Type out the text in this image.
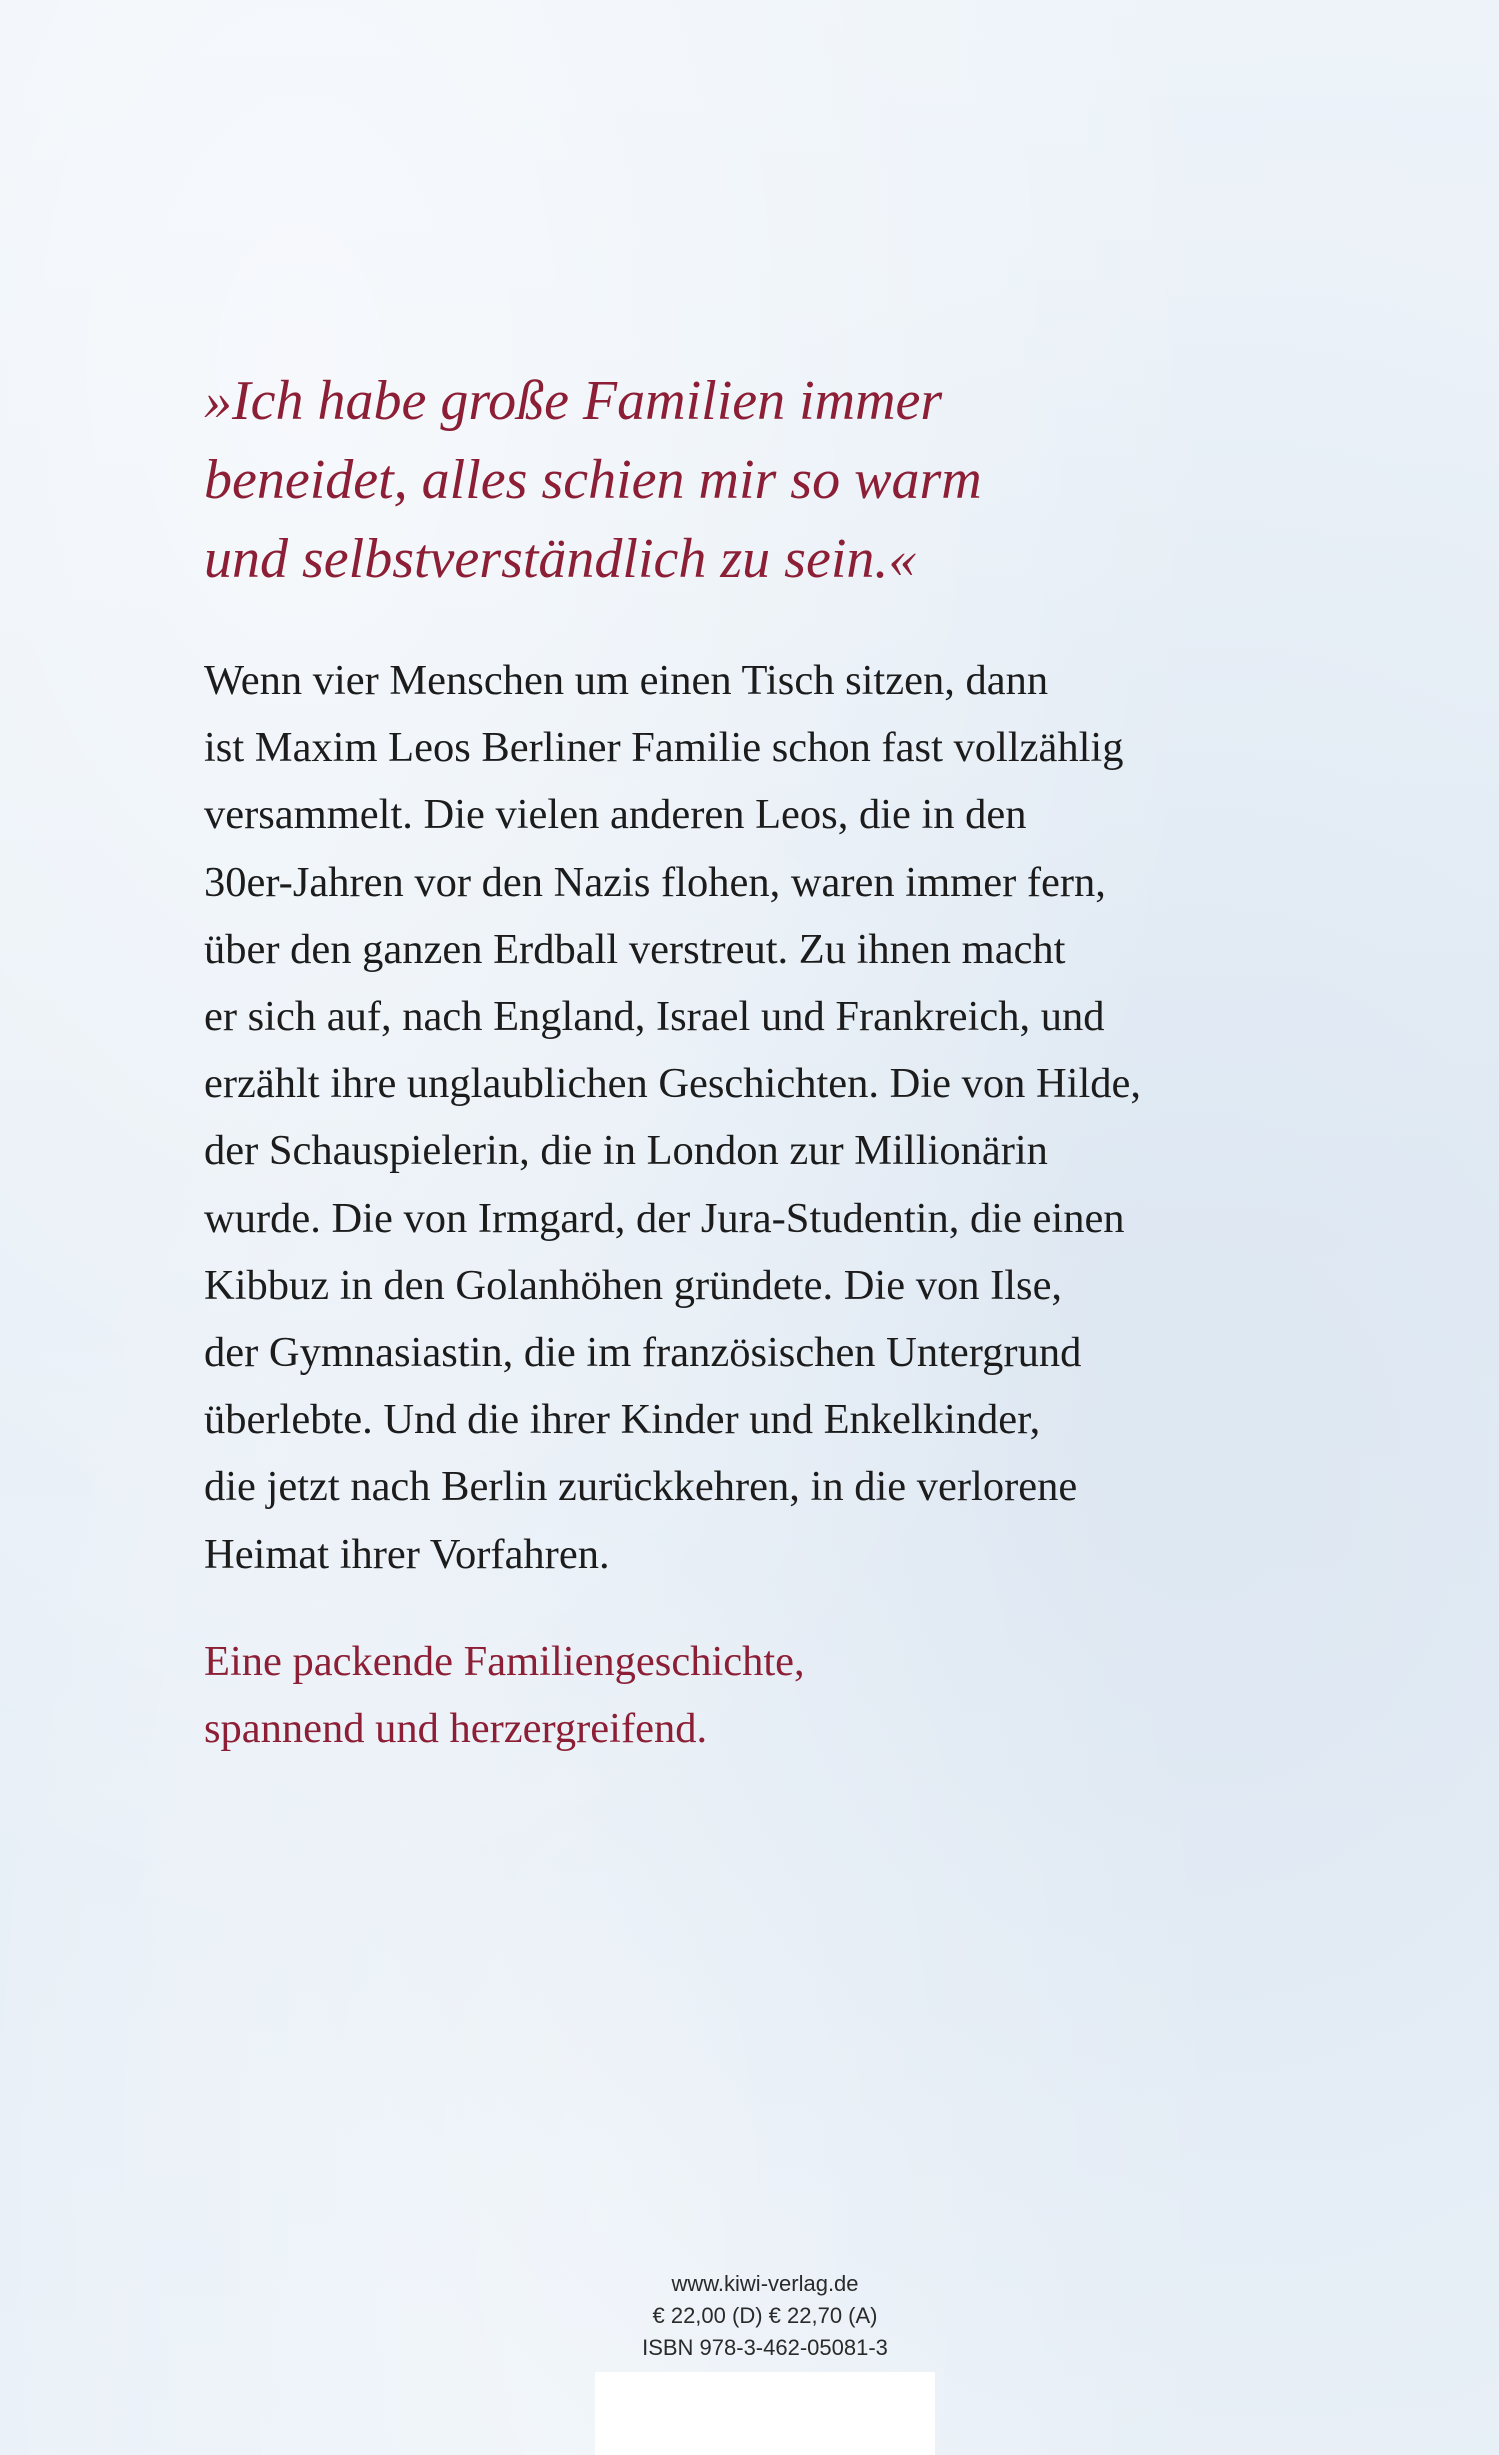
»Ich habe große Familien immer
beneidet, alles schien mir so warm
und selbstverständlich zu sein.«

Wenn vier Menschen um einen Tisch sitzen, dann
ist Maxim Leos Berliner Familie schon fast vollzählig
versammelt. Die vielen anderen Leos, die in den
30er-Jahren vor den Nazis flohen, waren immer fern,
über den ganzen Erdball verstreut. Zu ihnen macht
er sich auf, nach England, Israel und Frankreich, und
erzählt ihre unglaublichen Geschichten. Die von Hilde,
der Schauspielerin, die in London zur Millionärin
wurde. Die von Irmgard, der Jura-Studentin, die einen
Kibbuz in den Golanhöhen gründete. Die von Ilse,
der Gymnasiastin, die im französischen Untergrund
überlebte. Und die ihrer Kinder und Enkelkinder,
die jetzt nach Berlin zurückkehren, in die verlorene
Heimat ihrer Vorfahren.

Eine packende Familiengeschichte,
spannend und herzergreifend.

www.kiwi-verlag.de
€ 22,00 (D) € 22,70 (A)
ISBN 978-3-462-05081-3
